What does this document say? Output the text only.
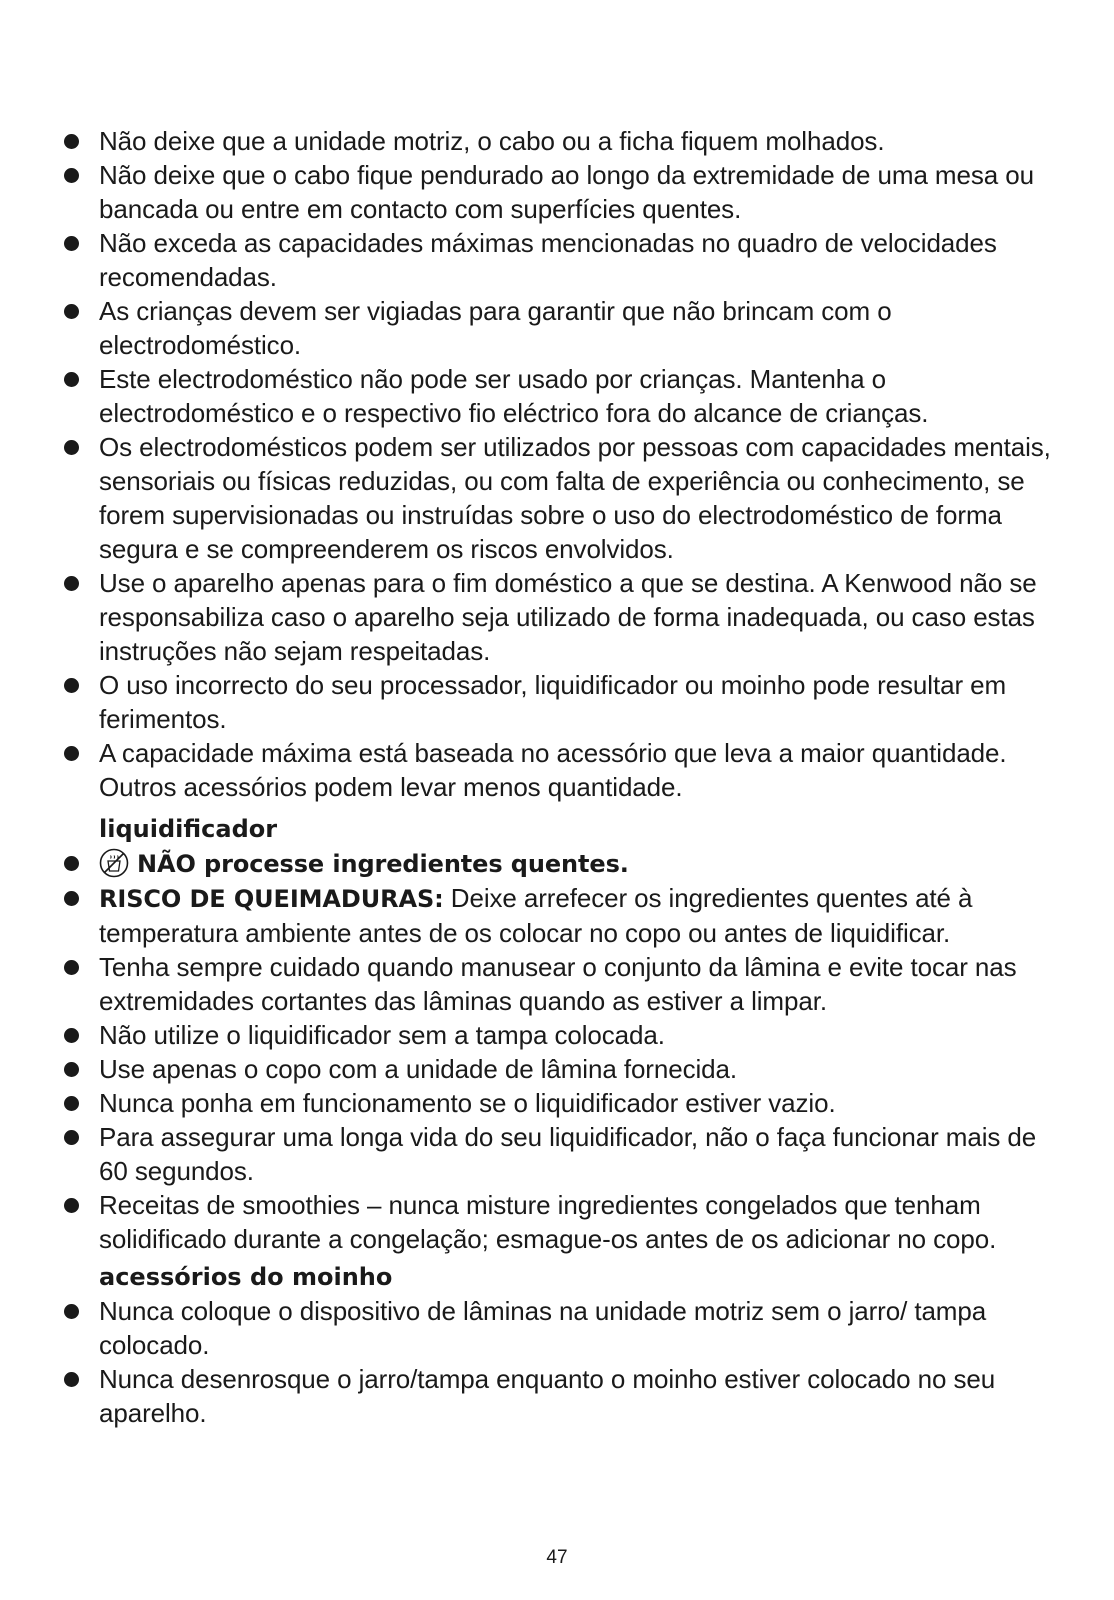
Não deixe que a unidade motriz, o cabo ou a ficha fiquem molhados.
Não deixe que o cabo fique pendurado ao longo da extremidade de uma mesa ou bancada ou entre em contacto com superfícies quentes.
Não exceda as capacidades máximas mencionadas no quadro de velocidades recomendadas.
As crianças devem ser vigiadas para garantir que não brincam com o electrodoméstico.
Este electrodoméstico não pode ser usado por crianças. Mantenha o electrodoméstico e o respectivo fio eléctrico fora do alcance de crianças.
Os electrodomésticos podem ser utilizados por pessoas com capacidades mentais, sensoriais ou físicas reduzidas, ou com falta de experiência ou conhecimento, se forem supervisionadas ou instruídas sobre o uso do electrodoméstico de forma segura e se compreenderem os riscos envolvidos.
Use o aparelho apenas para o fim doméstico a que se destina. A Kenwood não se responsabiliza caso o aparelho seja utilizado de forma inadequada, ou caso estas instruções não sejam respeitadas.
O uso incorrecto do seu processador, liquidificador ou moinho pode resultar em ferimentos.
A capacidade máxima está baseada no acessório que leva a maior quantidade. Outros acessórios podem levar menos quantidade.
liquidificador
NÃO processe ingredientes quentes.
RISCO DE QUEIMADURAS: Deixe arrefecer os ingredientes quentes até à temperatura ambiente antes de os colocar no copo ou antes de liquidificar.
Tenha sempre cuidado quando manusear o conjunto da lâmina e evite tocar nas extremidades cortantes das lâminas quando as estiver a limpar.
Não utilize o liquidificador sem a tampa colocada.
Use apenas o copo com a unidade de lâmina fornecida.
Nunca ponha em funcionamento se o liquidificador estiver vazio.
Para assegurar uma longa vida do seu liquidificador, não o faça funcionar mais de 60 segundos.
Receitas de smoothies – nunca misture ingredientes congelados que tenham solidificado durante a congelação; esmague-os antes de os adicionar no copo.
acessórios do moinho
Nunca coloque o dispositivo de lâminas na unidade motriz sem o jarro/ tampa colocado.
Nunca desenrosque o jarro/tampa enquanto o moinho estiver colocado no seu aparelho.
47
